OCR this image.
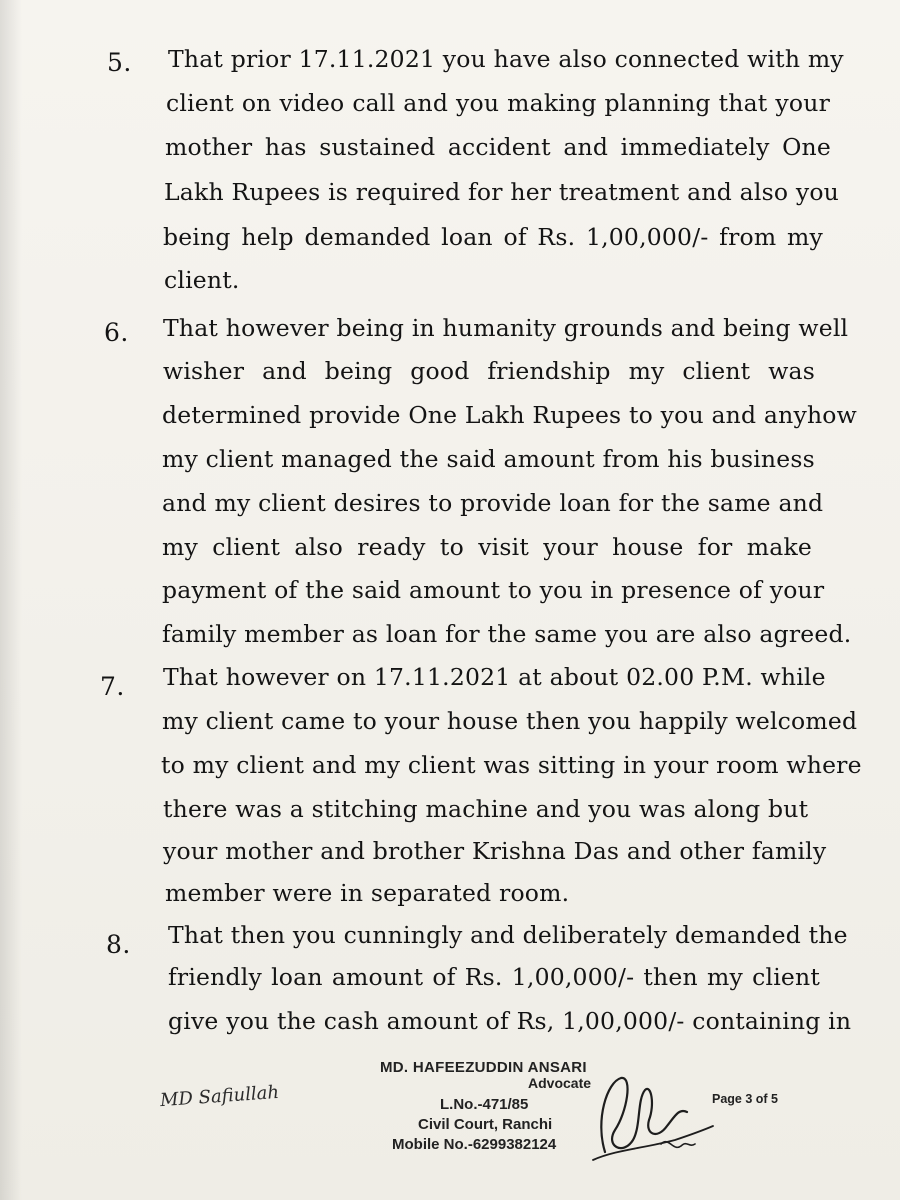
5. That prior 17.11.2021 you have also connected with my
client on video call and you making planning that your
mother has sustained accident and immediately One
Lakh Rupees is required for her treatment and also you
being help demanded loan of Rs. 1,00,000/- from my
client.
6. That however being in humanity grounds and being well
wisher and being good friendship my client was
determined provide One Lakh Rupees to you and anyhow
my client managed the said amount from his business
and my client desires to provide loan for the same and
my client also ready to visit your house for make
payment of the said amount to you in presence of your
family member as loan for the same you are also agreed.
7. That however on 17.11.2021 at about 02.00 P.M. while
my client came to your house then you happily welcomed
to my client and my client was sitting in your room where
there was a stitching machine and you was along but
your mother and brother Krishna Das and other family
member were in separated room.
8. That then you cunningly and deliberately demanded the
friendly loan amount of Rs. 1,00,000/- then my client
give you the cash amount of Rs, 1,00,000/- containing in
MD Safiullah
MD. HAFEEZUDDIN ANSARI
Advocate
L.No.-471/85
Civil Court, Ranchi
Mobile No.-6299382124
Page 3 of 5
